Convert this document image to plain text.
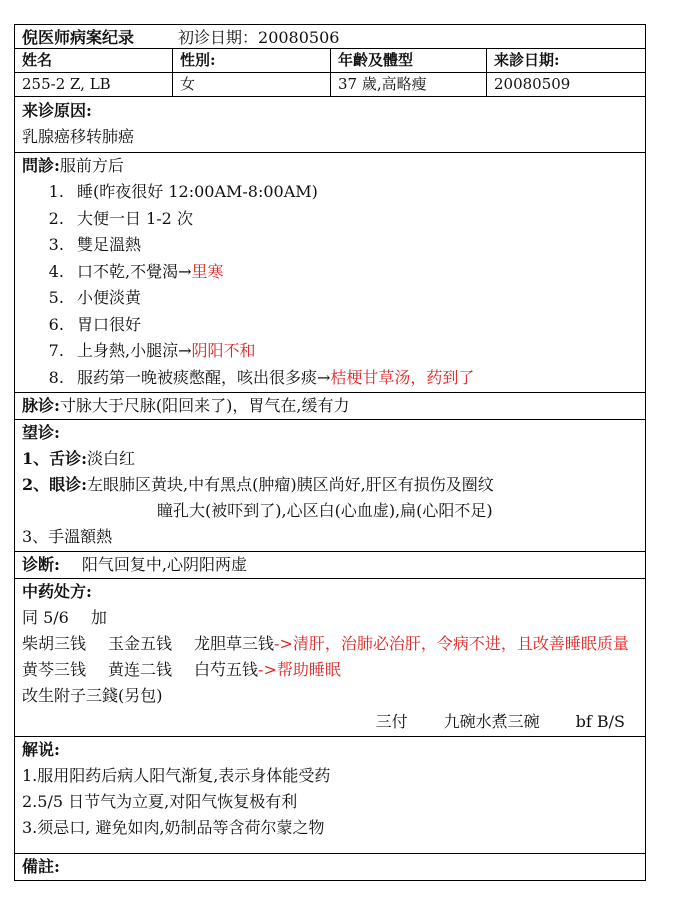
倪医师病案纪录	初诊日期：20080506
姓名	性別:	年齡及體型	来診日期:
255-2 Z, LB	女	37 歲,高略瘦	20080509
来诊原因:
乳腺癌移转肺癌
問診:服前方后
1. 睡(昨夜很好 12:00AM-8:00AM)
2. 大便一日 1-2 次
3. 雙足溫熱
4. 口不乾,不覺渴→里寒
5. 小便淡黄
6. 胃口很好
7. 上身熱,小腿涼→阴阳不和
8. 服药第一晚被痰憋醒，咳出很多痰→桔梗甘草汤，药到了
脉诊:寸脉大于尺脉(阳回来了)，胃气在,缓有力
望诊:
1、舌诊:淡白红
2、眼诊:左眼肺区黄块,中有黑点(肿瘤)胰区尚好,肝区有损伤及圈纹
瞳孔大(被吓到了),心区白(心血虚),扁(心阳不足)
3、手溫額熱
诊断: 阳气回复中,心阴阳两虚
中药处方:
同 5/6 加
柴胡三钱 玉金五钱 龙胆草三钱->清肝，治肺必治肝，令病不进，且改善睡眠质量
黄芩三钱 黄连二钱 白芍五钱->帮助睡眠
改生附子三錢(另包)
三付 九碗水煮三碗 bf B/S
解说:
1.服用阳药后病人阳气渐复,表示身体能受药
2.5/5 日节气为立夏,对阳气恢复极有利
3.须忌口, 避免如肉,奶制品等含荷尔蒙之物
備註:
